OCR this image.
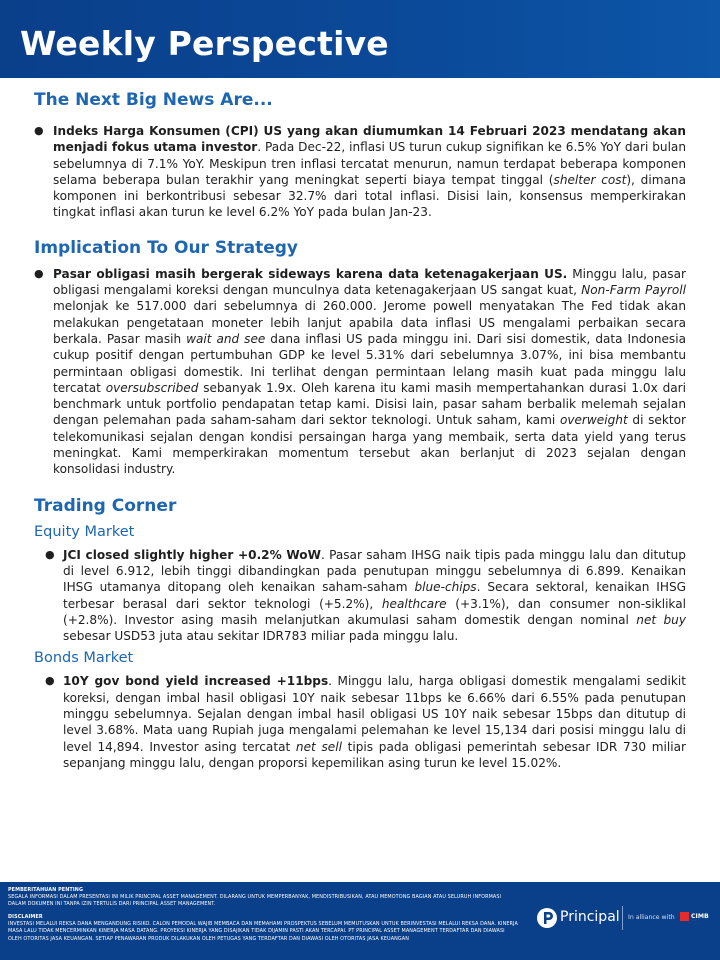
Weekly Perspective
The Next Big News Are...
● Indeks Harga Konsumen (CPI) US yang akan diumumkan 14 Februari 2023 mendatang akan menjadi fokus utama investor. Pada Dec-22, inflasi US turun cukup signifikan ke 6.5% YoY dari bulan sebelumnya di 7.1% YoY. Meskipun tren inflasi tercatat menurun, namun terdapat beberapa komponen selama beberapa bulan terakhir yang meningkat seperti biaya tempat tinggal (shelter cost), dimana komponen ini berkontribusi sebesar 32.7% dari total inflasi. Disisi lain, konsensus memperkirakan tingkat inflasi akan turun ke level 6.2% YoY pada bulan Jan-23.

Implication To Our Strategy
● Pasar obligasi masih bergerak sideways karena data ketenagakerjaan US. Minggu lalu, pasar obligasi mengalami koreksi dengan munculnya data ketenagakerjaan US sangat kuat, Non-Farm Payroll melonjak ke 517.000 dari sebelumnya di 260.000. Jerome powell menyatakan The Fed tidak akan melakukan pengetataan moneter lebih lanjut apabila data inflasi US mengalami perbaikan secara berkala. Pasar masih wait and see dana inflasi US pada minggu ini. Dari sisi domestik, data Indonesia cukup positif dengan pertumbuhan GDP ke level 5.31% dari sebelumnya 3.07%, ini bisa membantu permintaan obligasi domestik. Ini terlihat dengan permintaan lelang masih kuat pada minggu lalu tercatat oversubscribed sebanyak 1.9x. Oleh karena itu kami masih mempertahankan durasi 1.0x dari benchmark untuk portfolio pendapatan tetap kami. Disisi lain, pasar saham berbalik melemah sejalan dengan pelemahan pada saham-saham dari sektor teknologi. Untuk saham, kami overweight di sektor telekomunikasi sejalan dengan kondisi persaingan harga yang membaik, serta data yield yang terus meningkat. Kami memperkirakan momentum tersebut akan berlanjut di 2023 sejalan dengan konsolidasi industry.

Trading Corner
Equity Market
● JCI closed slightly higher +0.2% WoW. Pasar saham IHSG naik tipis pada minggu lalu dan ditutup di level 6.912, lebih tinggi dibandingkan pada penutupan minggu sebelumnya di 6.899. Kenaikan IHSG utamanya ditopang oleh kenaikan saham-saham blue-chips. Secara sektoral, kenaikan IHSG terbesar berasal dari sektor teknologi (+5.2%), healthcare (+3.1%), dan consumer non-siklikal (+2.8%). Investor asing masih melanjutkan akumulasi saham domestik dengan nominal net buy sebesar USD53 juta atau sekitar IDR783 miliar pada minggu lalu.

Bonds Market
● 10Y gov bond yield increased +11bps. Minggu lalu, harga obligasi domestik mengalami sedikit koreksi, dengan imbal hasil obligasi 10Y naik sebesar 11bps ke 6.66% dari 6.55% pada penutupan minggu sebelumnya. Sejalan dengan imbal hasil obligasi US 10Y naik sebesar 15bps dan ditutup di level 3.68%. Mata uang Rupiah juga mengalami pelemahan ke level 15,134 dari posisi minggu lalu di level 14,894. Investor asing tercatat net sell tipis pada obligasi pemerintah sebesar IDR 730 miliar sepanjang minggu lalu, dengan proporsi kepemilikan asing turun ke level 15.02%.

PEMBERITAHUAN PENTING
SEGALA INFORMASI DALAM PRESENTASI INI MILIK PRINCIPAL ASSET MANAGEMENT. DILARANG UNTUK MEMPERBANYAK, MENDISTRIBUSIKAN, ATAU MEMOTONG BAGIAN ATAU SELURUH INFORMASI DALAM DOKUMEN INI TANPA IZIN TERTULIS DARI PRINCIPAL ASSET MANAGEMENT.
DISCLAIMER
INVESTASI MELALUI REKSA DANA MENGANDUNG RISIKO. CALON PEMODAL WAJIB MEMBACA DAN MEMAHAMI PROSPEKTUS SEBELUM MEMUTUSKAN UNTUK BERINVESTASI MELALUI REKSA DANA. KINERJA MASA LALU TIDAK MENCERMINKAN KINERJA MASA DATANG. PROYEKSI KINERJA YANG DISAJIKAN TIDAK DIJAMIN PASTI AKAN TERCAPAI. PT PRINCIPAL ASSET MANAGEMENT TERDAFTAR DAN DIAWASI OLEH OTORITAS JASA KEUANGAN. SETIAP PENAWARAN PRODUK DILAKUKAN OLEH PETUGAS YANG TERDAFTAR DAN DIAWASI OLEH OTORITAS JASA KEUANGAN
Principal In alliance with	CIMB
